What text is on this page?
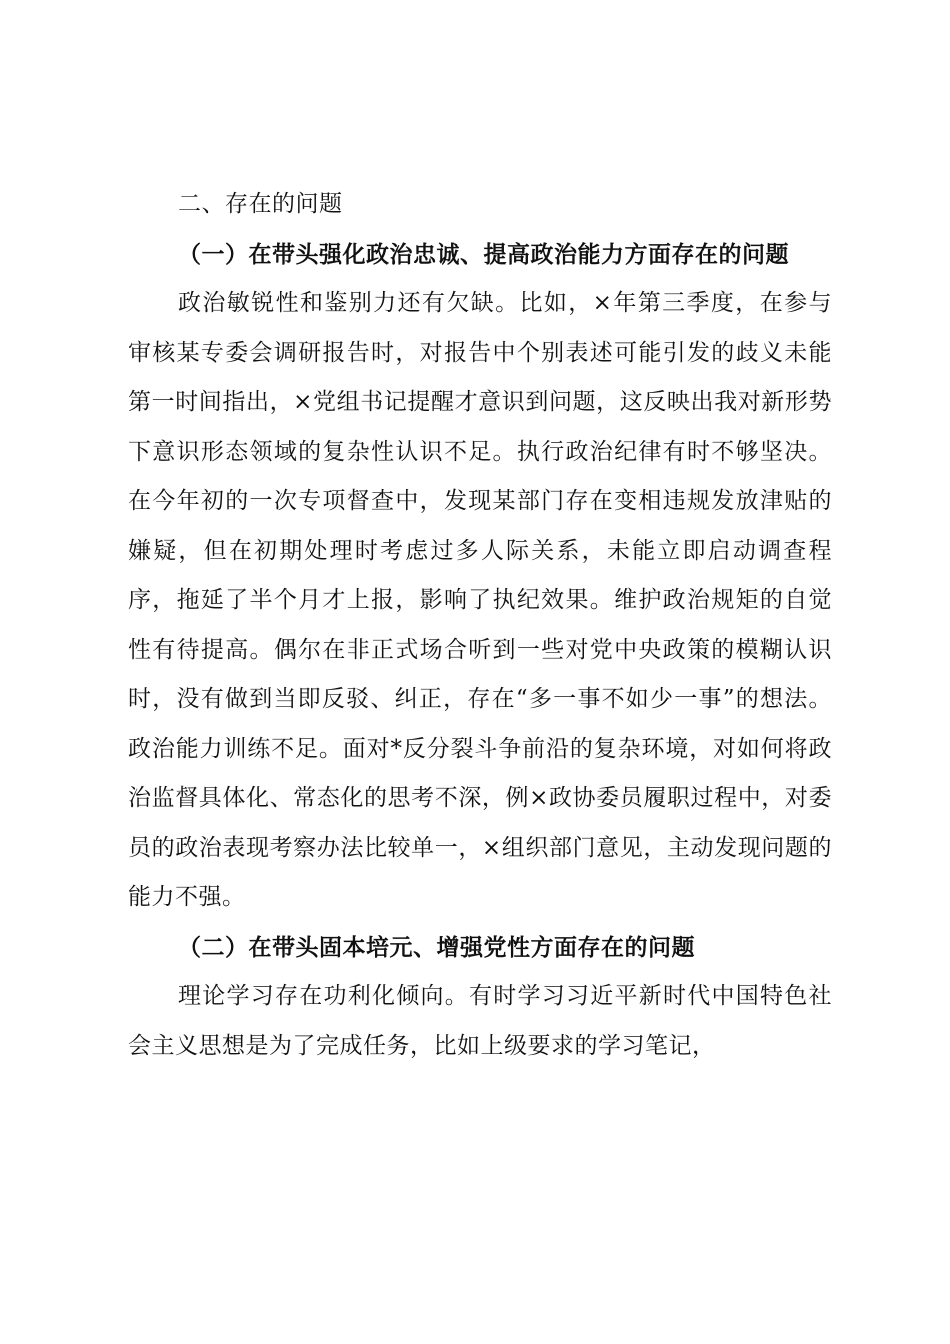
二、存在的问题

（一）在带头强化政治忠诚、提高政治能力方面存在的问题

政治敏锐性和鉴别力还有欠缺。比如，×年第三季度，在参与审核某专委会调研报告时，对报告中个别表述可能引发的歧义未能第一时间指出，×党组书记提醒才意识到问题，这反映出我对新形势下意识形态领域的复杂性认识不足。执行政治纪律有时不够坚决。在今年初的一次专项督查中，发现某部门存在变相违规发放津贴的嫌疑，但在初期处理时考虑过多人际关系，未能立即启动调查程序，拖延了半个月才上报，影响了执纪效果。维护政治规矩的自觉性有待提高。偶尔在非正式场合听到一些对党中央政策的模糊认识时，没有做到当即反驳、纠正，存在“多一事不如少一事”的想法。政治能力训练不足。面对*反分裂斗争前沿的复杂环境，对如何将政治监督具体化、常态化的思考不深，例×政协委员履职过程中，对委员的政治表现考察办法比较单一，×组织部门意见，主动发现问题的能力不强。

（二）在带头固本培元、增强党性方面存在的问题

理论学习存在功利化倾向。有时学习习近平新时代中国特色社会主义思想是为了完成任务，比如上级要求的学习笔记，
